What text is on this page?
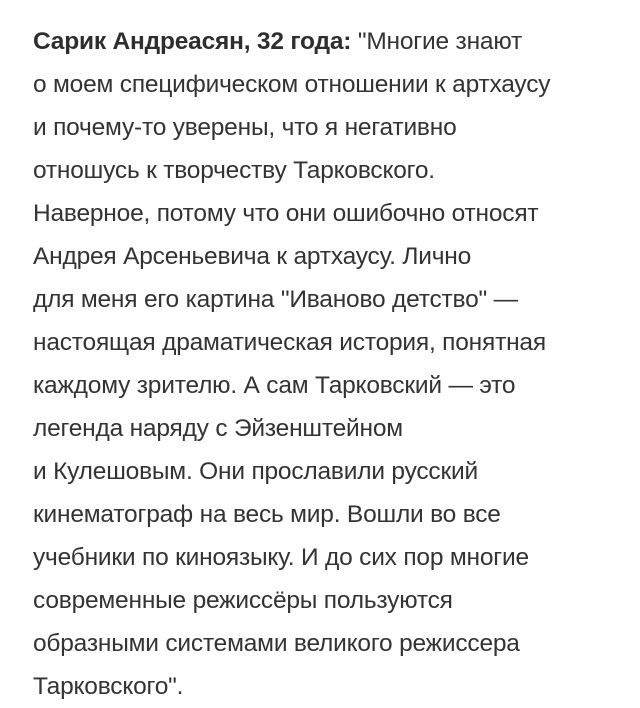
Сарик Андреасян, 32 года: "Многие знают
о моем специфическом отношении к артхаусу
и почему-то уверены, что я негативно
отношусь к творчеству Тарковского.
Наверное, потому что они ошибочно относят
Андрея Арсеньевича к артхаусу. Лично
для меня его картина "Иваново детство" —
настоящая драматическая история, понятная
каждому зрителю. А сам Тарковский — это
легенда наряду с Эйзенштейном
и Кулешовым. Они прославили русский
кинематограф на весь мир. Вошли во все
учебники по киноязыку. И до сих пор многие
современные режиссёры пользуются
образными системами великого режиссера
Тарковского".
